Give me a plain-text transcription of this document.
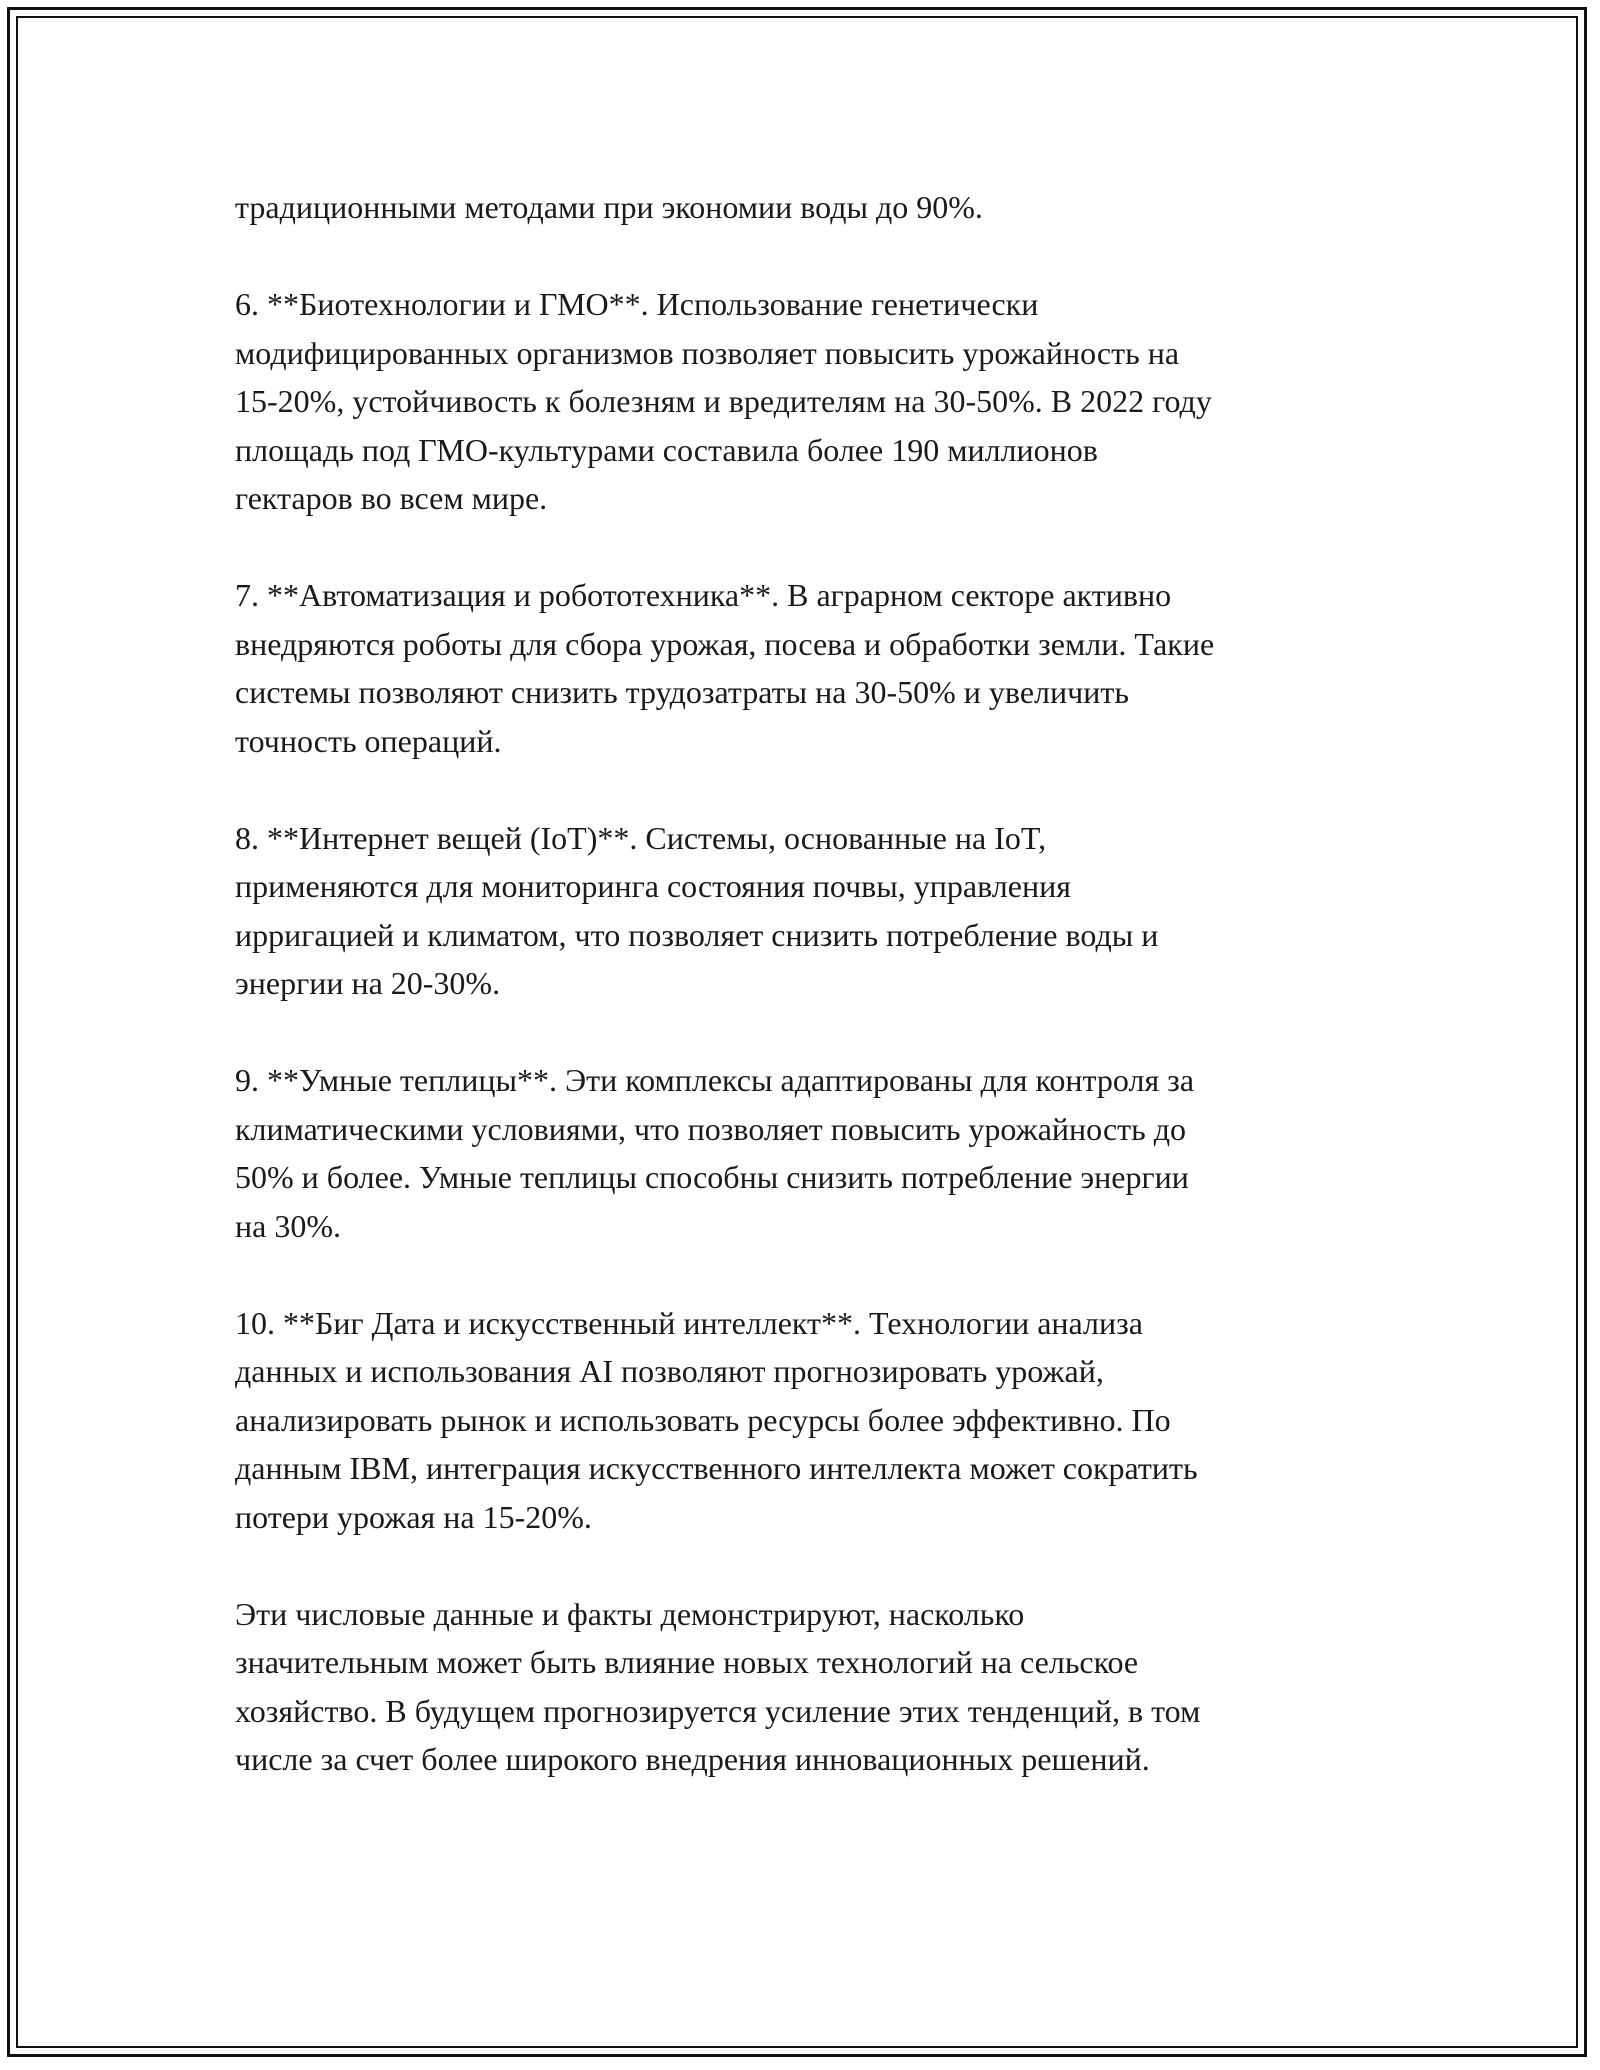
традиционными методами при экономии воды до 90%.

6. **Биотехнологии и ГМО**. Использование генетически
модифицированных организмов позволяет повысить урожайность на
15-20%, устойчивость к болезням и вредителям на 30-50%. В 2022 году
площадь под ГМО-культурами составила более 190 миллионов
гектаров во всем мире.

7. **Автоматизация и робототехника**. В аграрном секторе активно
внедряются роботы для сбора урожая, посева и обработки земли. Такие
системы позволяют снизить трудозатраты на 30-50% и увеличить
точность операций.

8. **Интернет вещей (IoT)**. Системы, основанные на IoT,
применяются для мониторинга состояния почвы, управления
ирригацией и климатом, что позволяет снизить потребление воды и
энергии на 20-30%.

9. **Умные теплицы**. Эти комплексы адаптированы для контроля за
климатическими условиями, что позволяет повысить урожайность до
50% и более. Умные теплицы способны снизить потребление энергии
на 30%.

10. **Биг Дата и искусственный интеллект**. Технологии анализа
данных и использования AI позволяют прогнозировать урожай,
анализировать рынок и использовать ресурсы более эффективно. По
данным IBM, интеграция искусственного интеллекта может сократить
потери урожая на 15-20%.

Эти числовые данные и факты демонстрируют, насколько
значительным может быть влияние новых технологий на сельское
хозяйство. В будущем прогнозируется усиление этих тенденций, в том
числе за счет более широкого внедрения инновационных решений.
